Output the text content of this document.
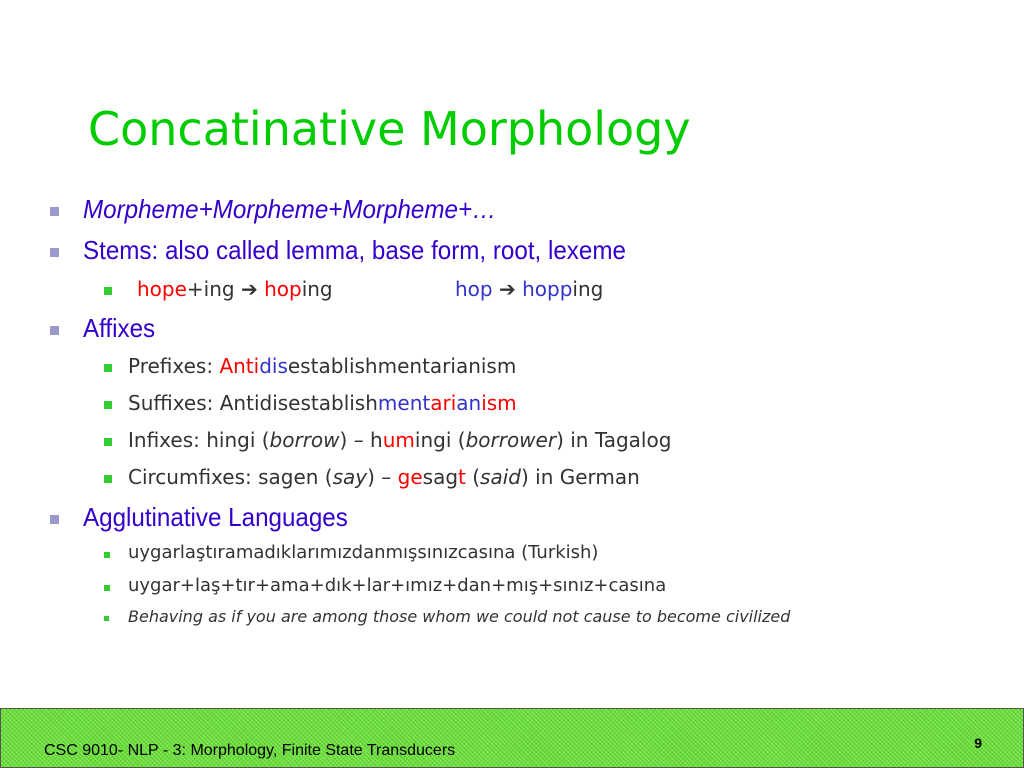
Concatinative Morphology
Morpheme+Morpheme+Morpheme+…
Stems: also called lemma, base form, root, lexeme
hope+ing ➔ hoping	hop ➔ hopping
Affixes
Prefixes: Antidisestablishmentarianism
Suffixes: Antidisestablishmentarianism
Infixes: hingi (borrow) – humingi (borrower) in Tagalog
Circumfixes: sagen (say) – gesagt (said) in German
Agglutinative Languages
uygarlaştıramadıklarımızdanmışsınızcasına (Turkish)
uygar+laş+tır+ama+dık+lar+ımız+dan+mış+sınız+casına
Behaving as if you are among those whom we could not cause to become civilized
CSC 9010- NLP - 3: Morphology, Finite State Transducers	9
